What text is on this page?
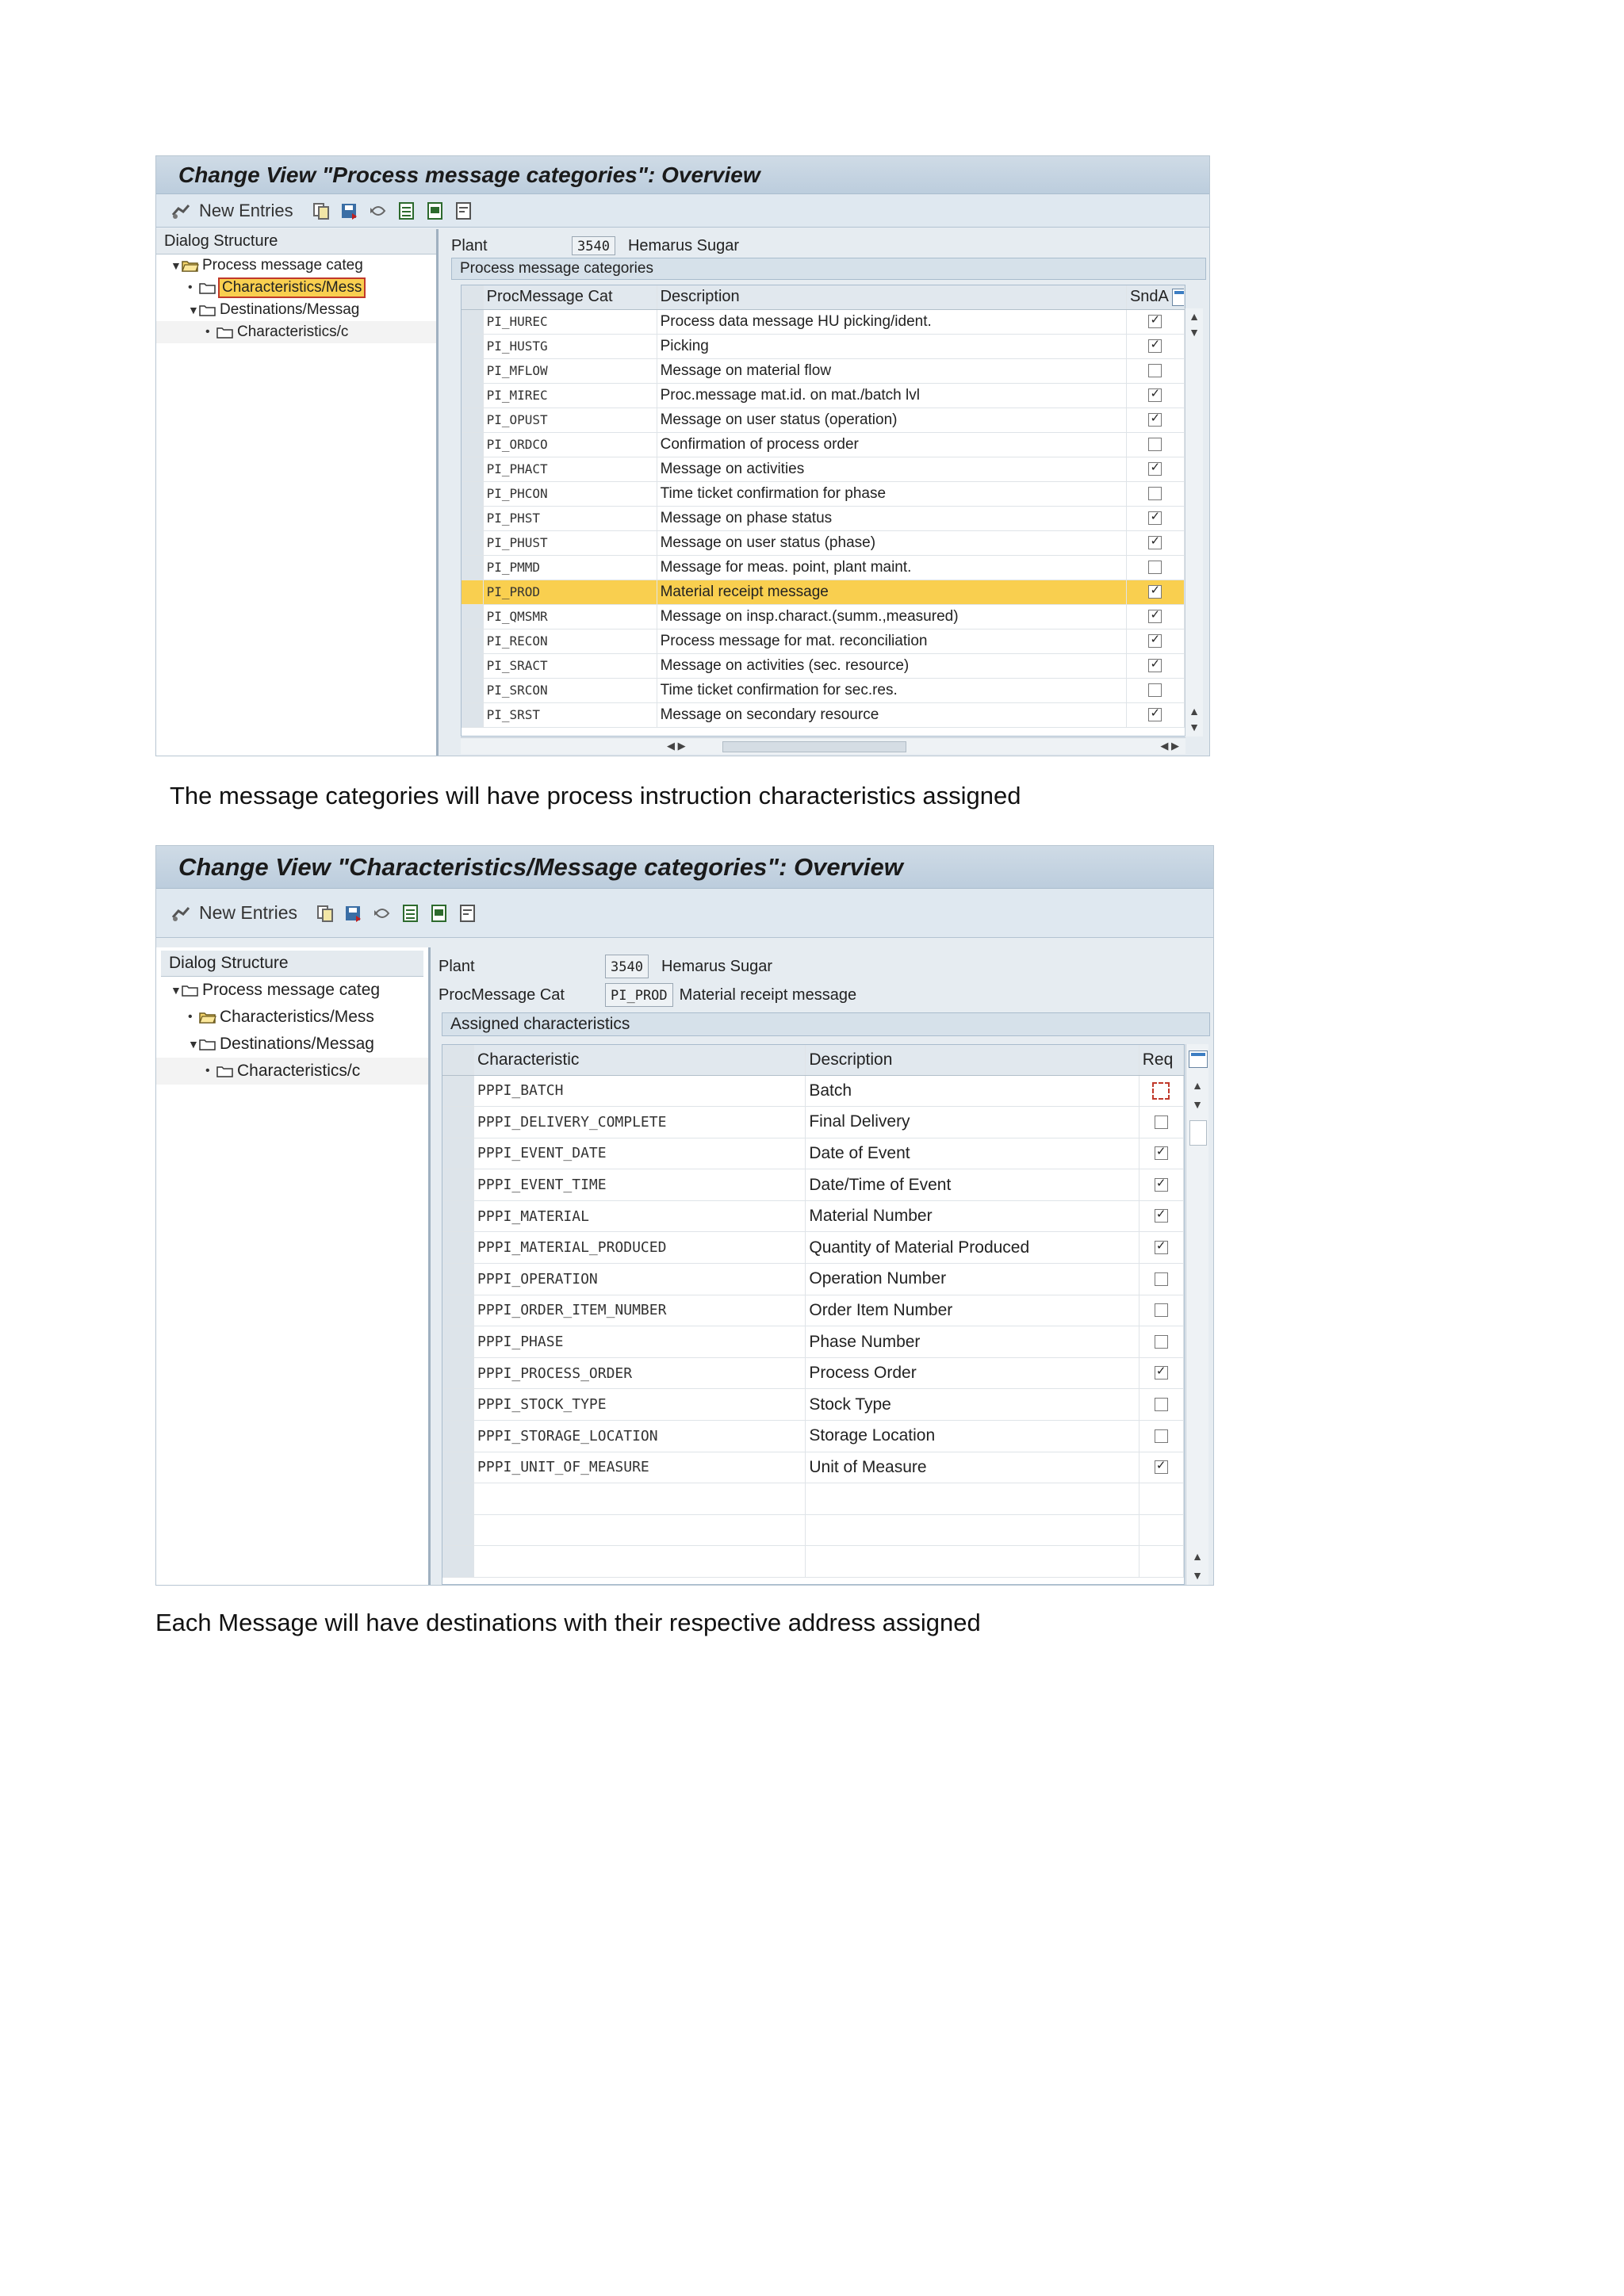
Change View "Process message categories": Overview
New Entries
Dialog Structure
▼ Process message categ
•	Characteristics/Mess
▼ Destinations/Messag
•	Characteristics/c
Plant	3540	Hemarus Sugar
Process message categories
	ProcMessage Cat	Description	SndA
	PI_HUREC	Process data message HU picking/ident.	✓
	PI_HUSTG	Picking	✓
	PI_MFLOW	Message on material flow	
	PI_MIREC	Proc.message mat.id. on mat./batch lvl	✓
	PI_OPUST	Message on user status (operation)	✓
	PI_ORDCO	Confirmation of process order	
	PI_PHACT	Message on activities	✓
	PI_PHCON	Time ticket confirmation for phase	
	PI_PHST	Message on phase status	✓
	PI_PHUST	Message on user status (phase)	✓
	PI_PMMD	Message for meas. point, plant maint.	
	PI_PROD	Material receipt message	✓
	PI_QMSMR	Message on insp.charact.(summ.,measured)	✓
	PI_RECON	Process message for mat. reconciliation	✓
	PI_SRACT	Message on activities (sec. resource)	✓
	PI_SRCON	Time ticket confirmation for sec.res.	
	PI_SRST	Message on secondary resource	✓
▲
▼
▲
▼
◀ ▶	◀ ▶
The message categories will have process instruction characteristics assigned
Change View "Characteristics/Message categories": Overview
New Entries
Dialog Structure
▼ Process message categ
•	Characteristics/Mess
▼ Destinations/Messag
•	Characteristics/c
Plant	3540	Hemarus Sugar
ProcMessage Cat	PI_PROD Material receipt message
Assigned characteristics
	Characteristic	Description	Req
	PPPI_BATCH	Batch	
	PPPI_DELIVERY_COMPLETE	Final Delivery	
	PPPI_EVENT_DATE	Date of Event	✓
	PPPI_EVENT_TIME	Date/Time of Event	✓
	PPPI_MATERIAL	Material Number	✓
	PPPI_MATERIAL_PRODUCED	Quantity of Material Produced	✓
	PPPI_OPERATION	Operation Number	
	PPPI_ORDER_ITEM_NUMBER	Order Item Number	
	PPPI_PHASE	Phase Number	
	PPPI_PROCESS_ORDER	Process Order	✓
	PPPI_STOCK_TYPE	Stock Type	
	PPPI_STORAGE_LOCATION	Storage Location	
	PPPI_UNIT_OF_MEASURE	Unit of Measure	✓

▲
▼
▲
▼
Each Message will have destinations with their respective address assigned
